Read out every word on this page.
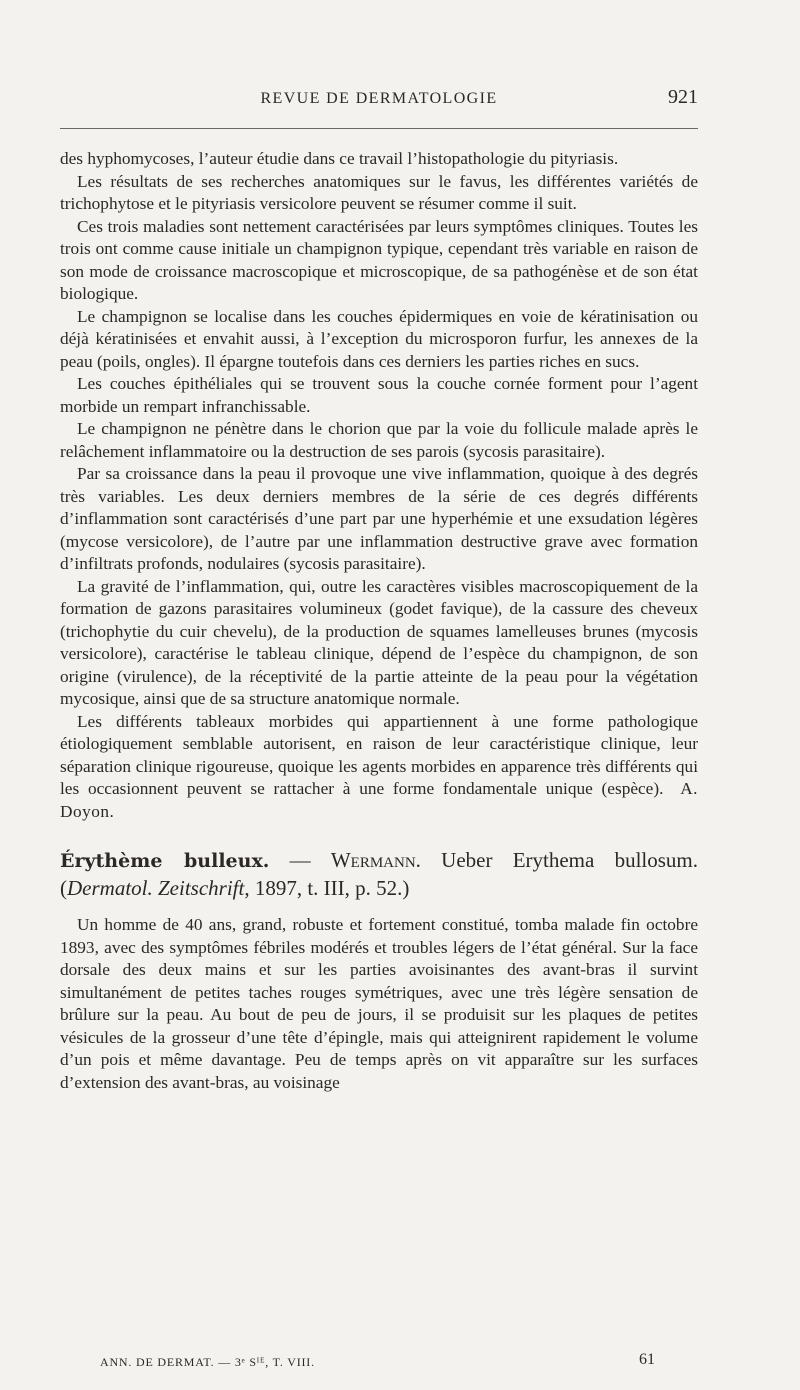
REVUE DE DERMATOLOGIE	921

des hyphomycoses, l’auteur étudie dans ce travail l’histopathologie du pityriasis.

Les résultats de ses recherches anatomiques sur le favus, les différentes variétés de trichophytose et le pityriasis versicolore peuvent se résumer comme il suit.

Ces trois maladies sont nettement caractérisées par leurs symptômes cliniques. Toutes les trois ont comme cause initiale un champignon typique, cependant très variable en raison de son mode de croissance macroscopique et microscopique, de sa pathogénèse et de son état biologique.

Le champignon se localise dans les couches épidermiques en voie de kératinisation ou déjà kératinisées et envahit aussi, à l’exception du microsporon furfur, les annexes de la peau (poils, ongles). Il épargne toutefois dans ces derniers les parties riches en sucs.

Les couches épithéliales qui se trouvent sous la couche cornée forment pour l’agent morbide un rempart infranchissable.

Le champignon ne pénètre dans le chorion que par la voie du follicule malade après le relâchement inflammatoire ou la destruction de ses parois (sycosis parasitaire).

Par sa croissance dans la peau il provoque une vive inflammation, quoique à des degrés très variables. Les deux derniers membres de la série de ces degrés différents d’inflammation sont caractérisés d’une part par une hyperhémie et une exsudation légères (mycose versicolore), de l’autre par une inflammation destructive grave avec formation d’infiltrats profonds, nodulaires (sycosis parasitaire).

La gravité de l’inflammation, qui, outre les caractères visibles macroscopiquement de la formation de gazons parasitaires volumineux (godet favique), de la cassure des cheveux (trichophytie du cuir chevelu), de la production de squames lamelleuses brunes (mycosis versicolore), caractérise le tableau clinique, dépend de l’espèce du champignon, de son origine (virulence), de la réceptivité de la partie atteinte de la peau pour la végétation mycosique, ainsi que de sa structure anatomique normale.

Les différents tableaux morbides qui appartiennent à une forme pathologique étiologiquement semblable autorisent, en raison de leur caractéristique clinique, leur séparation clinique rigoureuse, quoique les agents morbides en apparence très différents qui les occasionnent peuvent se rattacher à une forme fondamentale unique (espèce). A. Doyon.

Érythème bulleux. — Wermann. Ueber Erythema bullosum. (Dermatol. Zeitschrift, 1897, t. III, p. 52.)

Un homme de 40 ans, grand, robuste et fortement constitué, tomba malade fin octobre 1893, avec des symptômes fébriles modérés et troubles légers de l’état général. Sur la face dorsale des deux mains et sur les parties avoisinantes des avant-bras il survint simultanément de petites taches rouges symétriques, avec une très légère sensation de brûlure sur la peau. Au bout de peu de jours, il se produisit sur les plaques de petites vésicules de la grosseur d’une tête d’épingle, mais qui atteignirent rapidement le volume d’un pois et même davantage. Peu de temps après on vit apparaître sur les surfaces d’extension des avant-bras, au voisinage

ANN. DE DERMAT. — 3ᵉ Sᴵᴱ, T. VIII.	61
